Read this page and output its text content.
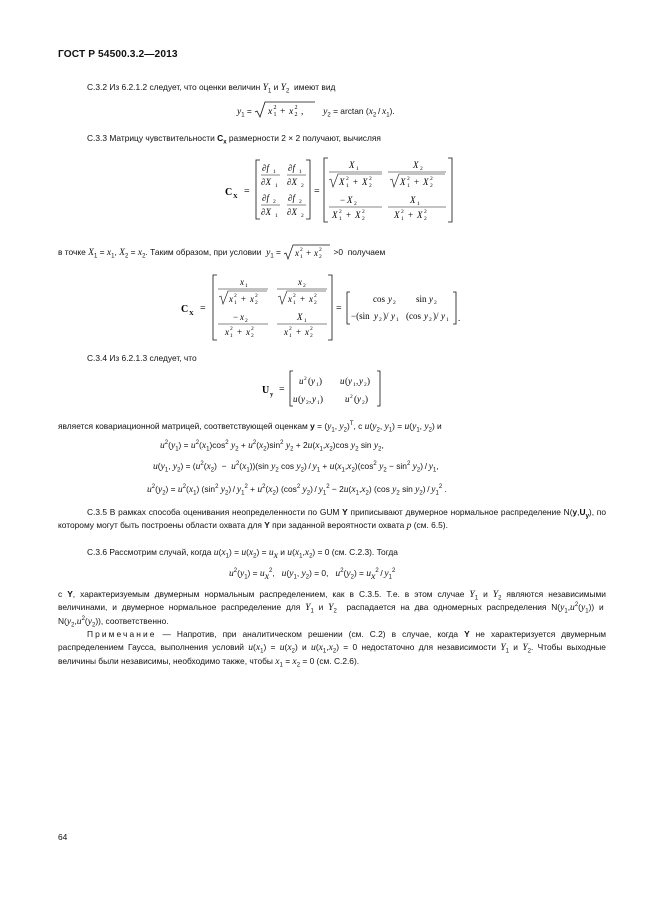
ГОСТ Р 54500.3.2—2013
С.3.2 Из 6.2.1.2 следует, что оценки величин $Y_1$ и $Y_2$  имеют вид
$y_1 = x$ 1
2 + x 2
2 , $y_2 = \arctan (x_2 / x_1)$.
С.3.3 Матрицу чувствительности $C_x$ размерности 2 × 2 получают, вычисляя
C X =
∂f 1
∂X 1
∂f 1
∂X 2
∂f 2
∂X 1
∂f 2
∂X 2
=
X 1
X 1
2 + X 2
2
X 2
X 1
2 + X 2
2
− X 2
X 1
2 + X 2
2
X 1
X 1
2 + X 2
2
в точке $X_1 = x_1$, $X_2 = x_2$. Таким образом, при условии  $y_1 = x$ 1
2 + x 2
2 >0  получаем
C X =
x 1
x 1
2 + x 2
2
x 2
x 1
2 + x 2
2
− x 2
x 1
2 + x 2
2
X 1
x 1
2 + x 2
2
=
cos y 2 sin y 2
−(sin y 2 )/ y 1 (cos y 2 )/ y 1 .
С.3.4 Из 6.2.1.3 следует, что
U y =
u 2 ( y 1 ) u ( y 1 , y 2 )
u ( y 2 , y 1 ) u 2 ( y 2 )
является ковариационной матрицей, соответствующей оценкам $y = (y_1$, $y_2)^Т$, с $u(y_2$, $y_1) = u(y_1$, $y_2$) и
$u^2(y_1) = u^2(x_1)\cos^2$ $y_2 + u^2(x_2)\sin^2$ $y_2 + 2u(x_1,x_2)\cos$ $y_2$ $\sin y_2$,
$u(y_1$, $y_2) = (u^2(x_2) - u^2(x_1))(\sin$ $y_2$ $\cos y_2) / y_1 + u(x_1,x_2)(\cos^2$ $y_2 - \sin^2 y_2) / y_1$,
$u^2(y_2) = u^2(x_1)$ ($\sin^2$ $y_2) / y_1^2 + u^2(x_2)$ ($\cos^2$ $y_2) / y_1^2 - 2u(x_1,x_2)$ (cos $y_2$ $\sin y_2) / y_1^2$ .
С.3.5 В рамках способа оценивания неопределенности по GUM Y приписывают двумерное нормальное распределение $N(y,U_y)$, по которому могут быть построены области охвата для Y при заданной вероятности охвата p (см. 6.5).
С.3.6 Рассмотрим случай, когда $u(x_1) = u(x_2) = u_x$ и $u(x_1,x_2) = 0$ (см. С.2.3). Тогда
$u^2(y_1) = u_x^2$,   $u(y_1$, $y_2) = 0$,   $u^2(y_2) = u_x^2 / y_1^2$
с Y, характеризуемым двумерным нормальным распределением, как в С.3.5. Т.е. в этом случае $Y_1$ и $Y_2$ являются независимыми величинами, и двумерное нормальное распределение для $Y_1$ и $Y_2$  распадается на два одномерных распределения $N(y_1,u^2(y_1))$ и  $N(y_2,u^2(y_2))$, соответственно.
Примечание — Напротив, при аналитическом решении (см. С.2) в случае, когда Y не характеризуется двумерным распределением Гаусса, выполнения условий $u(x_1) = u(x_2)$ и $u(x_1,x_2) = 0$ недостаточно для независимости $Y_1$ и $Y_2$. Чтобы выходные величины были независимы, необходимо также, чтобы $x_1 = x_2 = 0$ (см. С.2.6).
64
